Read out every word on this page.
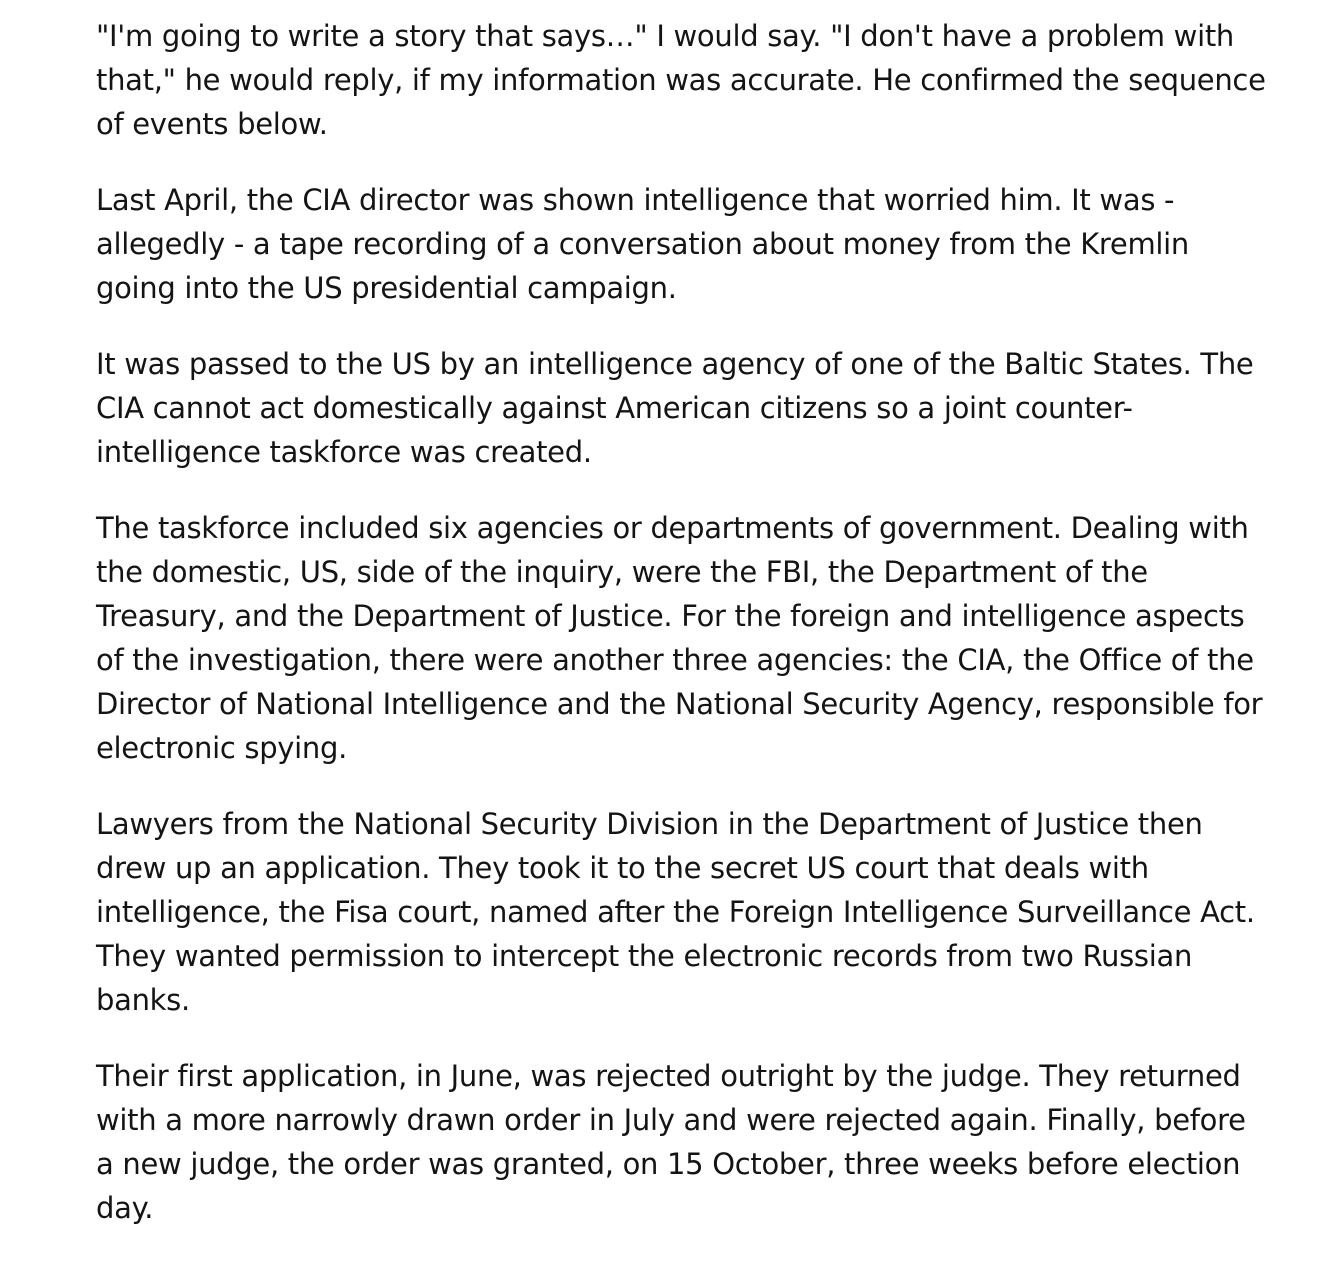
"I'm going to write a story that says…" I would say. "I don't have a problem with that," he would reply, if my information was accurate. He confirmed the sequence of events below.

Last April, the CIA director was shown intelligence that worried him. It was - allegedly - a tape recording of a conversation about money from the Kremlin going into the US presidential campaign.

It was passed to the US by an intelligence agency of one of the Baltic States. The CIA cannot act domestically against American citizens so a joint counter-intelligence taskforce was created.

The taskforce included six agencies or departments of government. Dealing with the domestic, US, side of the inquiry, were the FBI, the Department of the Treasury, and the Department of Justice. For the foreign and intelligence aspects of the investigation, there were another three agencies: the CIA, the Office of the Director of National Intelligence and the National Security Agency, responsible for electronic spying.

Lawyers from the National Security Division in the Department of Justice then drew up an application. They took it to the secret US court that deals with intelligence, the Fisa court, named after the Foreign Intelligence Surveillance Act. They wanted permission to intercept the electronic records from two Russian banks.

Their first application, in June, was rejected outright by the judge. They returned with a more narrowly drawn order in July and were rejected again. Finally, before a new judge, the order was granted, on 15 October, three weeks before election day.
